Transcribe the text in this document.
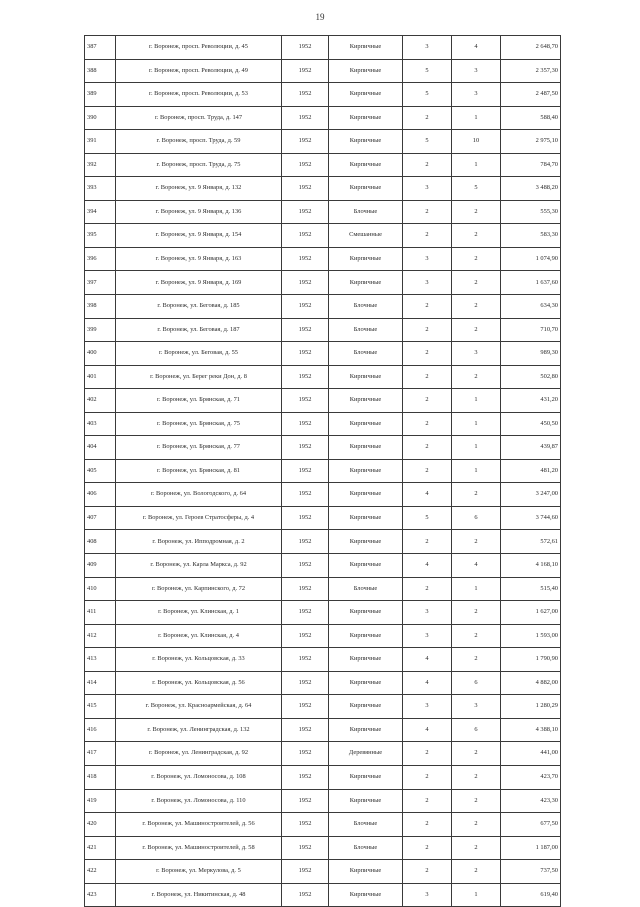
19
387	г. Воронеж, просп. Революции, д. 45	1952	Кирпичные	3	4	2 648,70
388	г. Воронеж, просп. Революции, д. 49	1952	Кирпичные	5	3	2 357,30
389	г. Воронеж, просп. Революции, д. 53	1952	Кирпичные	5	3	2 487,50
390	г. Воронеж, просп. Труда, д. 147	1952	Кирпичные	2	1	588,40
391	г. Воронеж, просп. Труда, д. 59	1952	Кирпичные	5	10	2 975,10
392	г. Воронеж, просп. Труда, д. 75	1952	Кирпичные	2	1	784,70
393	г. Воронеж, ул. 9 Января, д. 132	1952	Кирпичные	3	5	3 488,20
394	г. Воронеж, ул. 9 Января, д. 136	1952	Блочные	2	2	555,30
395	г. Воронеж, ул. 9 Января, д. 154	1952	Смешанные	2	2	583,30
396	г. Воронеж, ул. 9 Января, д. 163	1952	Кирпичные	3	2	1 074,90
397	г. Воронеж, ул. 9 Января, д. 169	1952	Кирпичные	3	2	1 637,60
398	г. Воронеж, ул. Беговая, д. 185	1952	Блочные	2	2	634,30
399	г. Воронеж, ул. Беговая, д. 187	1952	Блочные	2	2	710,70
400	г. Воронеж, ул. Беговая, д. 55	1952	Блочные	2	3	989,30
401	г. Воронеж, ул. Берег реки Дон, д. 8	1952	Кирпичные	2	2	502,80
402	г. Воронеж, ул. Брянская, д. 71	1952	Кирпичные	2	1	431,20
403	г. Воронеж, ул. Брянская, д. 75	1952	Кирпичные	2	1	450,50
404	г. Воронеж, ул. Брянская, д. 77	1952	Кирпичные	2	1	439,87
405	г. Воронеж, ул. Брянская, д. 81	1952	Кирпичные	2	1	481,20
406	г. Воронеж, ул. Вологодского, д. 64	1952	Кирпичные	4	2	3 247,00
407	г. Воронеж, ул. Героев Стратосферы, д. 4	1952	Кирпичные	5	6	3 744,60
408	г. Воронеж, ул. Ипподромная, д. 2	1952	Кирпичные	2	2	572,61
409	г. Воронеж, ул. Карла Маркса, д. 92	1952	Кирпичные	4	4	4 168,10
410	г. Воронеж, ул. Карпинского, д. 72	1952	Блочные	2	1	515,40
411	г. Воронеж, ул. Клинская, д. 1	1952	Кирпичные	3	2	1 627,00
412	г. Воронеж, ул. Клинская, д. 4	1952	Кирпичные	3	2	1 593,00
413	г. Воронеж, ул. Кольцовская, д. 33	1952	Кирпичные	4	2	1 790,90
414	г. Воронеж, ул. Кольцовская, д. 56	1952	Кирпичные	4	6	4 882,00
415	г. Воронеж, ул. Красноармейская, д. 64	1952	Кирпичные	3	3	1 280,29
416	г. Воронеж, ул. Ленинградская, д. 132	1952	Кирпичные	4	6	4 388,10
417	г. Воронеж, ул. Ленинградская, д. 92	1952	Деревянные	2	2	441,00
418	г. Воронеж, ул. Ломоносова, д. 108	1952	Кирпичные	2	2	423,70
419	г. Воронеж, ул. Ломоносова, д. 110	1952	Кирпичные	2	2	423,30
420	г. Воронеж, ул. Машиностроителей, д. 56	1952	Блочные	2	2	677,50
421	г. Воронеж, ул. Машиностроителей, д. 58	1952	Блочные	2	2	1 187,00
422	г. Воронеж, ул. Меркулова, д. 5	1952	Кирпичные	2	2	737,50
423	г. Воронеж, ул. Никитинская, д. 48	1952	Кирпичные	3	1	619,40
